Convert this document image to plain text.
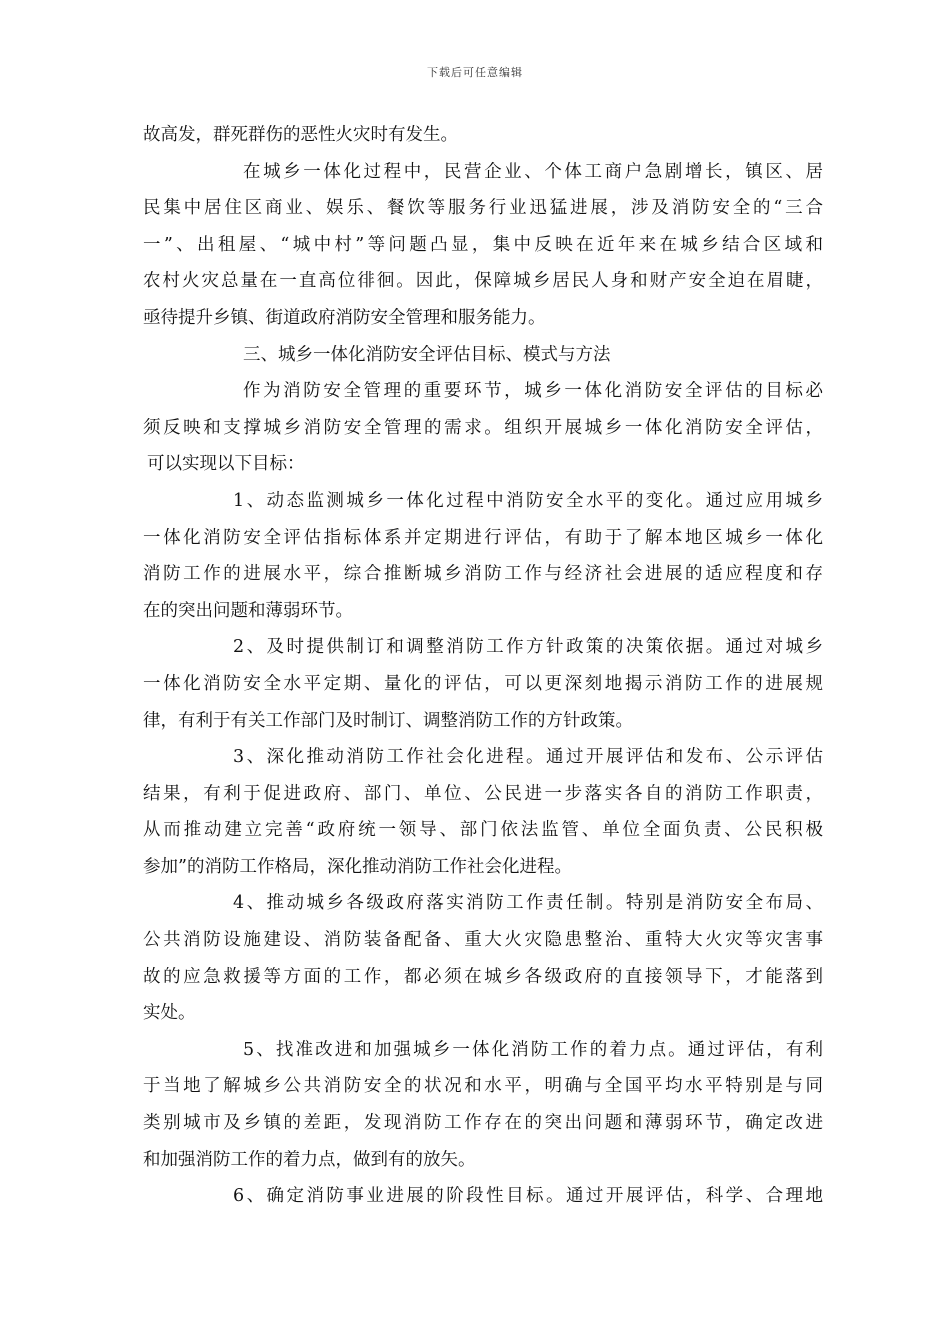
下载后可任意编辑
故高发，群死群伤的恶性火灾时有发生。
在城乡一体化过程中，民营企业、个体工商户急剧增长，镇区、居
民集中居住区商业、娱乐、餐饮等服务行业迅猛进展，涉及消防安全的“三合
一”、出租屋、“城中村”等问题凸显，集中反映在近年来在城乡结合区域和
农村火灾总量在一直高位徘徊。因此，保障城乡居民人身和财产安全迫在眉睫，
亟待提升乡镇、街道政府消防安全管理和服务能力。
三、城乡一体化消防安全评估目标、模式与方法
作为消防安全管理的重要环节，城乡一体化消防安全评估的目标必
须反映和支撑城乡消防安全管理的需求。组织开展城乡一体化消防安全评估，
可以实现以下目标：
1、动态监测城乡一体化过程中消防安全水平的变化。通过应用城乡
一体化消防安全评估指标体系并定期进行评估，有助于了解本地区城乡一体化
消防工作的进展水平，综合推断城乡消防工作与经济社会进展的适应程度和存
在的突出问题和薄弱环节。
2、及时提供制订和调整消防工作方针政策的决策依据。通过对城乡
一体化消防安全水平定期、量化的评估，可以更深刻地揭示消防工作的进展规
律，有利于有关工作部门及时制订、调整消防工作的方针政策。
3、深化推动消防工作社会化进程。通过开展评估和发布、公示评估
结果，有利于促进政府、部门、单位、公民进一步落实各自的消防工作职责，
从而推动建立完善“政府统一领导、部门依法监管、单位全面负责、公民积极
参加”的消防工作格局，深化推动消防工作社会化进程。
4、推动城乡各级政府落实消防工作责任制。特别是消防安全布局、
公共消防设施建设、消防装备配备、重大火灾隐患整治、重特大火灾等灾害事
故的应急救援等方面的工作，都必须在城乡各级政府的直接领导下，才能落到
实处。
5、找准改进和加强城乡一体化消防工作的着力点。通过评估，有利
于当地了解城乡公共消防安全的状况和水平，明确与全国平均水平特别是与同
类别城市及乡镇的差距，发现消防工作存在的突出问题和薄弱环节，确定改进
和加强消防工作的着力点，做到有的放矢。
6、确定消防事业进展的阶段性目标。通过开展评估，科学、合理地
